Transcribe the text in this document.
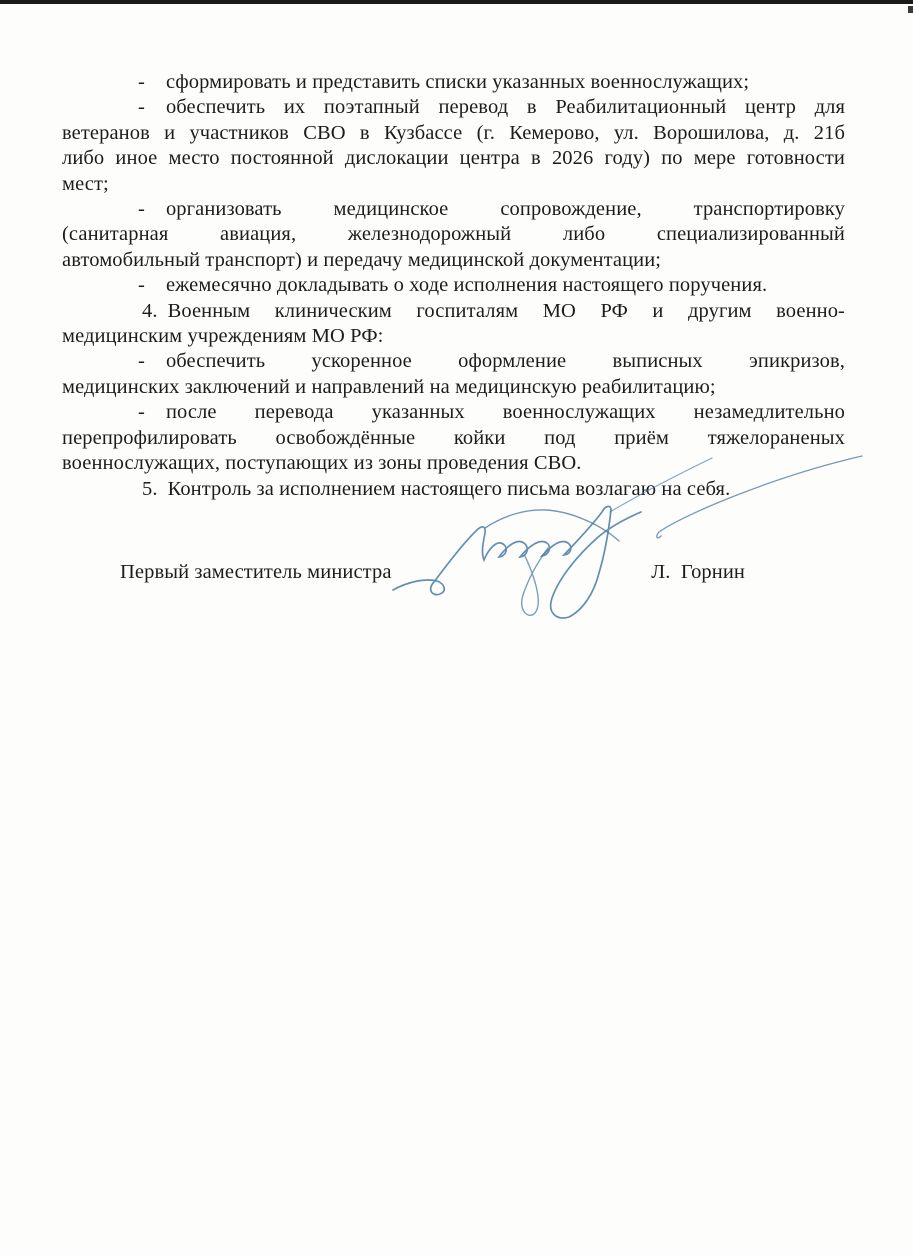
- сформировать и представить списки указанных военнослужащих;
- обеспечить их поэтапный перевод в Реабилитационный центр для
ветеранов и участников СВО в Кузбассе (г. Кемерово, ул. Ворошилова, д. 21б
либо иное место постоянной дислокации центра в 2026 году) по мере готовности
мест;
- организовать медицинское сопровождение, транспортировку
(санитарная авиация, железнодорожный либо специализированный
автомобильный транспорт) и передачу медицинской документации;
- ежемесячно докладывать о ходе исполнения настоящего поручения.
4. Военным клиническим госпиталям МО РФ и другим военно-
медицинским учреждениям МО РФ:
- обеспечить ускоренное оформление выписных эпикризов,
медицинских заключений и направлений на медицинскую реабилитацию;
- после перевода указанных военнослужащих незамедлительно
перепрофилировать освобождённые койки под приём тяжелораненых
военнослужащих, поступающих из зоны проведения СВО.
5. Контроль за исполнением настоящего письма возлагаю на себя.
Первый заместитель министра	Л.  Горнин
